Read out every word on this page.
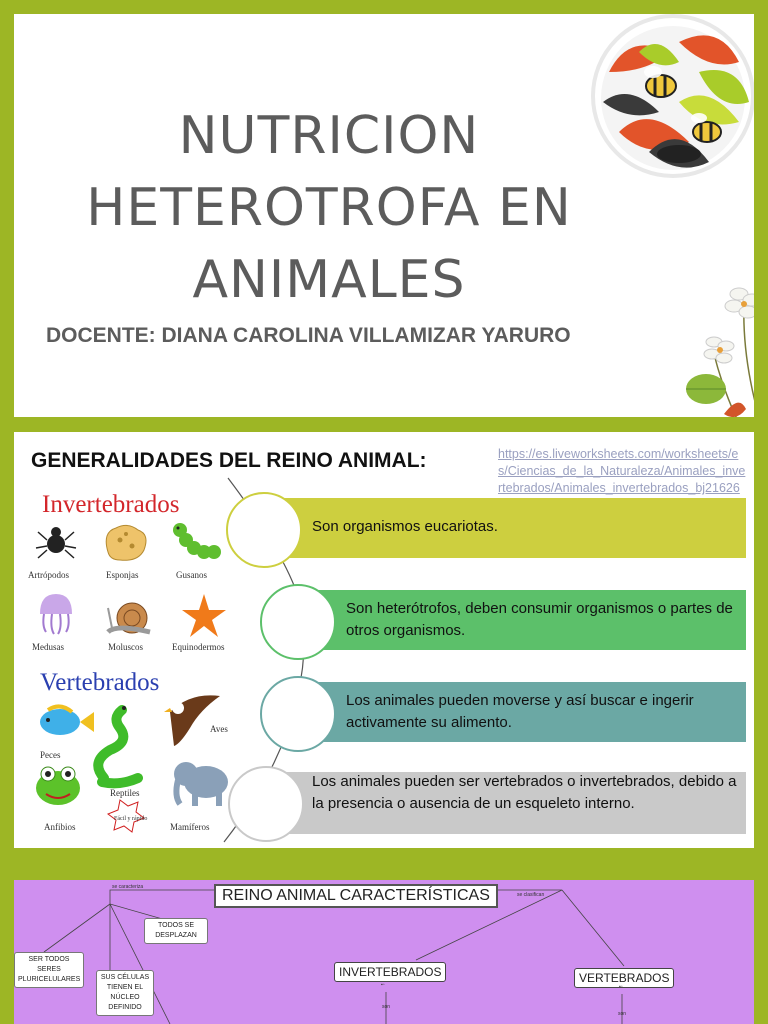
NUTRICION
HETEROTROFA EN
ANIMALES
DOCENTE: DIANA CAROLINA VILLAMIZAR YARURO
GENERALIDADES DEL REINO ANIMAL:	https://es.liveworksheets.com/worksheets/es/Ciencias_de_la_Naturaleza/Animales_invertebrados/Animales_invertebrados_bj21626
Invertebrados
Artrópodos	Esponjas	Gusanos
Medusas	Moluscos	Equinodermos
Vertebrados
Peces
Aves
Reptiles
Anfibios
Fácil y rápido
Mamíferos
Son organismos eucariotas.
Son heterótrofos, deben consumir organismos o partes de otros organismos.
Los animales pueden moverse y así buscar e ingerir activamente su alimento.
Los animales pueden ser vertebrados o invertebrados, debido a la presencia o ausencia de un esqueleto interno.
REINO ANIMAL CARACTERÍSTICAS
se caracteriza
se clasifican
TODOS SE DESPLAZAN
SER TODOS SERES PLURICELULARES	SUS CÉLULAS TIENEN EL NÚCLEO DEFINIDO
INVERTEBRADOS	VERTEBRADOS
▪▫	▪▫
son
son
